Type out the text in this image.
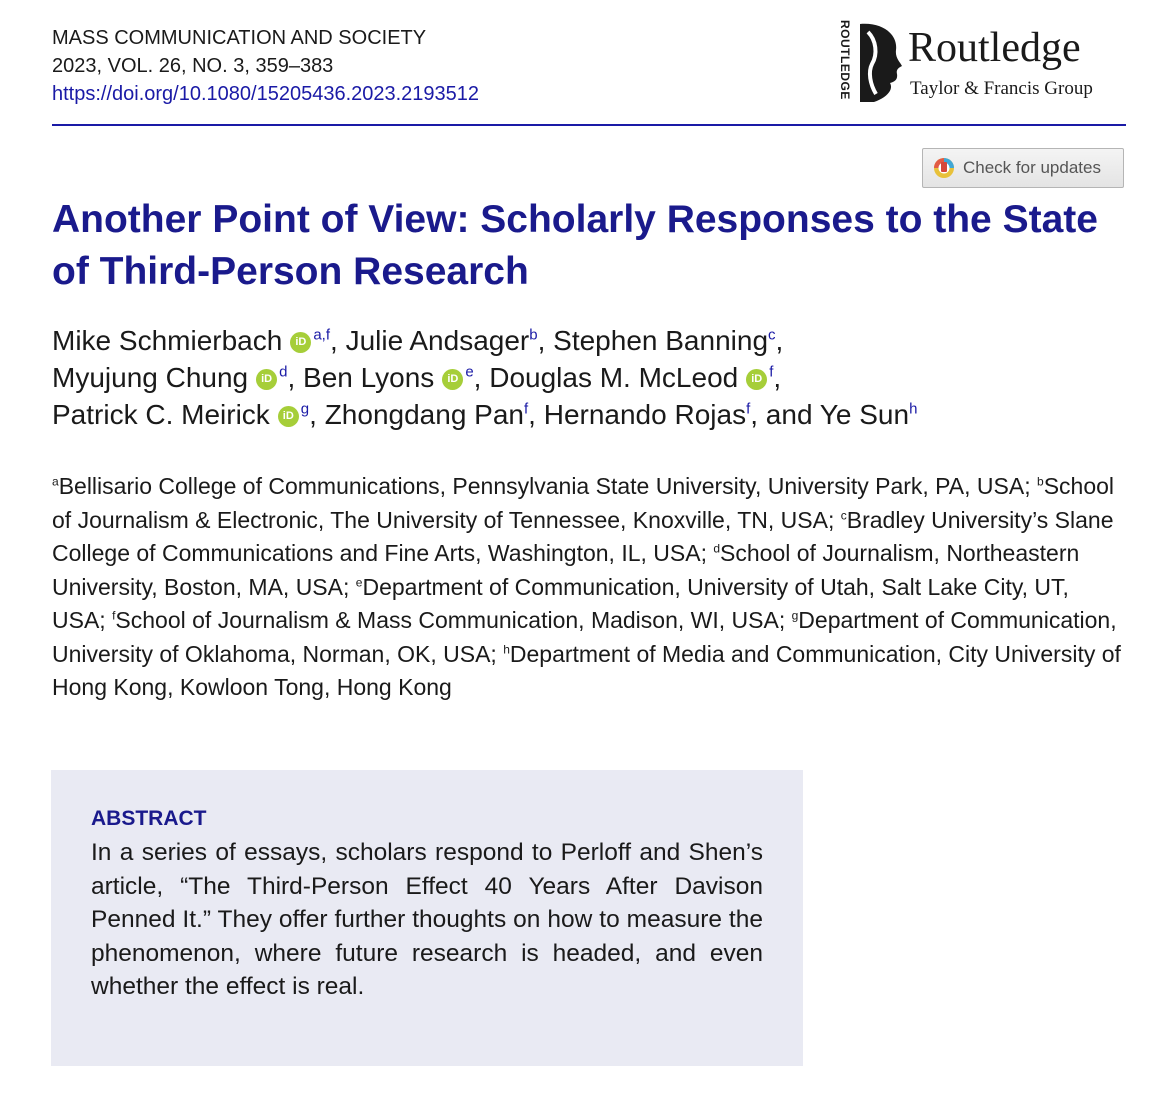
MASS COMMUNICATION AND SOCIETY
2023, VOL. 26, NO. 3, 359–383
https://doi.org/10.1080/15205436.2023.2193512	ROUTLEDGE Routledge
Taylor & Francis Group
Check for updates
Another Point of View: Scholarly Responses to the State of Third-Person Research
Mike Schmierbach iD $^{a,f}$, Julie Andsager$^b$, Stephen Banning$^c$,
Myujung Chung iD $^d$, Ben Lyons iD $^e$, Douglas M. McLeod iD $^f$,
Patrick C. Meirick iD $^g$, Zhongdang Pan$^f$, Hernando Rojas$^f$, and Ye Sun$^h$

$^a$Bellisario College of Communications, Pennsylvania State University, University Park, PA, USA; $^b$School of Journalism & Electronic, The University of Tennessee, Knoxville, TN, USA; $^c$Bradley University’s Slane College of Communications and Fine Arts, Washington, IL, USA; $^d$School of Journalism, Northeastern University, Boston, MA, USA; $^e$Department of Communication, University of Utah, Salt Lake City, UT, USA; $^f$School of Journalism & Mass Communication, Madison, WI, USA; $^g$Department of Communication, University of Oklahoma, Norman, OK, USA; $^h$Department of Media and Communication, City University of Hong Kong, Kowloon Tong, Hong Kong

ABSTRACT

In a series of essays, scholars respond to Perloff and Shen’s article, “The Third-Person Effect 40 Years After Davison Penned It.” They offer further thoughts on how to measure the phenomenon, where future research is headed, and even whether the effect is real.
